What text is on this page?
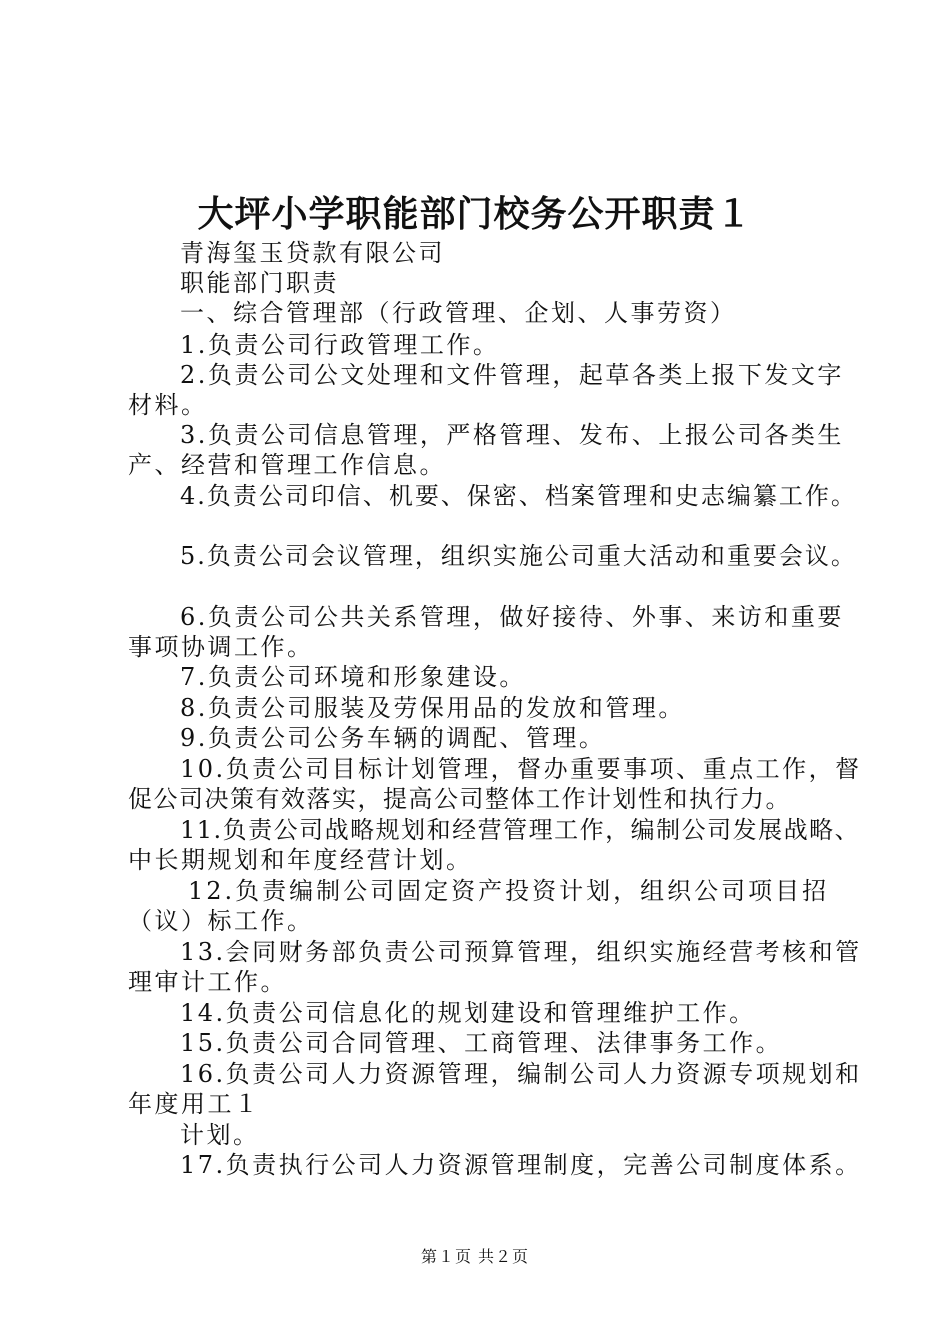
大坪小学职能部门校务公开职责１

青海玺玉贷款有限公司

职能部门职责

一、综合管理部（行政管理、企划、人事劳资）

1.负责公司行政管理工作。

2.负责公司公文处理和文件管理，起草各类上报下发文字

材料。

3.负责公司信息管理，严格管理、发布、上报公司各类生

产、经营和管理工作信息。

4.负责公司印信、机要、保密、档案管理和史志编纂工作。

5.负责公司会议管理，组织实施公司重大活动和重要会议。

6.负责公司公共关系管理，做好接待、外事、来访和重要

事项协调工作。

7.负责公司环境和形象建设。

8.负责公司服装及劳保用品的发放和管理。

9.负责公司公务车辆的调配、管理。

10.负责公司目标计划管理，督办重要事项、重点工作，督

促公司决策有效落实，提高公司整体工作计划性和执行力。

11.负责公司战略规划和经营管理工作，编制公司发展战略、

中长期规划和年度经营计划。

12.负责编制公司固定资产投资计划，组织公司项目招

（议）标工作。

13.会同财务部负责公司预算管理，组织实施经营考核和管

理审计工作。

14.负责公司信息化的规划建设和管理维护工作。

15.负责公司合同管理、工商管理、法律事务工作。

16.负责公司人力资源管理，编制公司人力资源专项规划和

年度用工１

计划。

17.负责执行公司人力资源管理制度，完善公司制度体系。

第１页 共２页
